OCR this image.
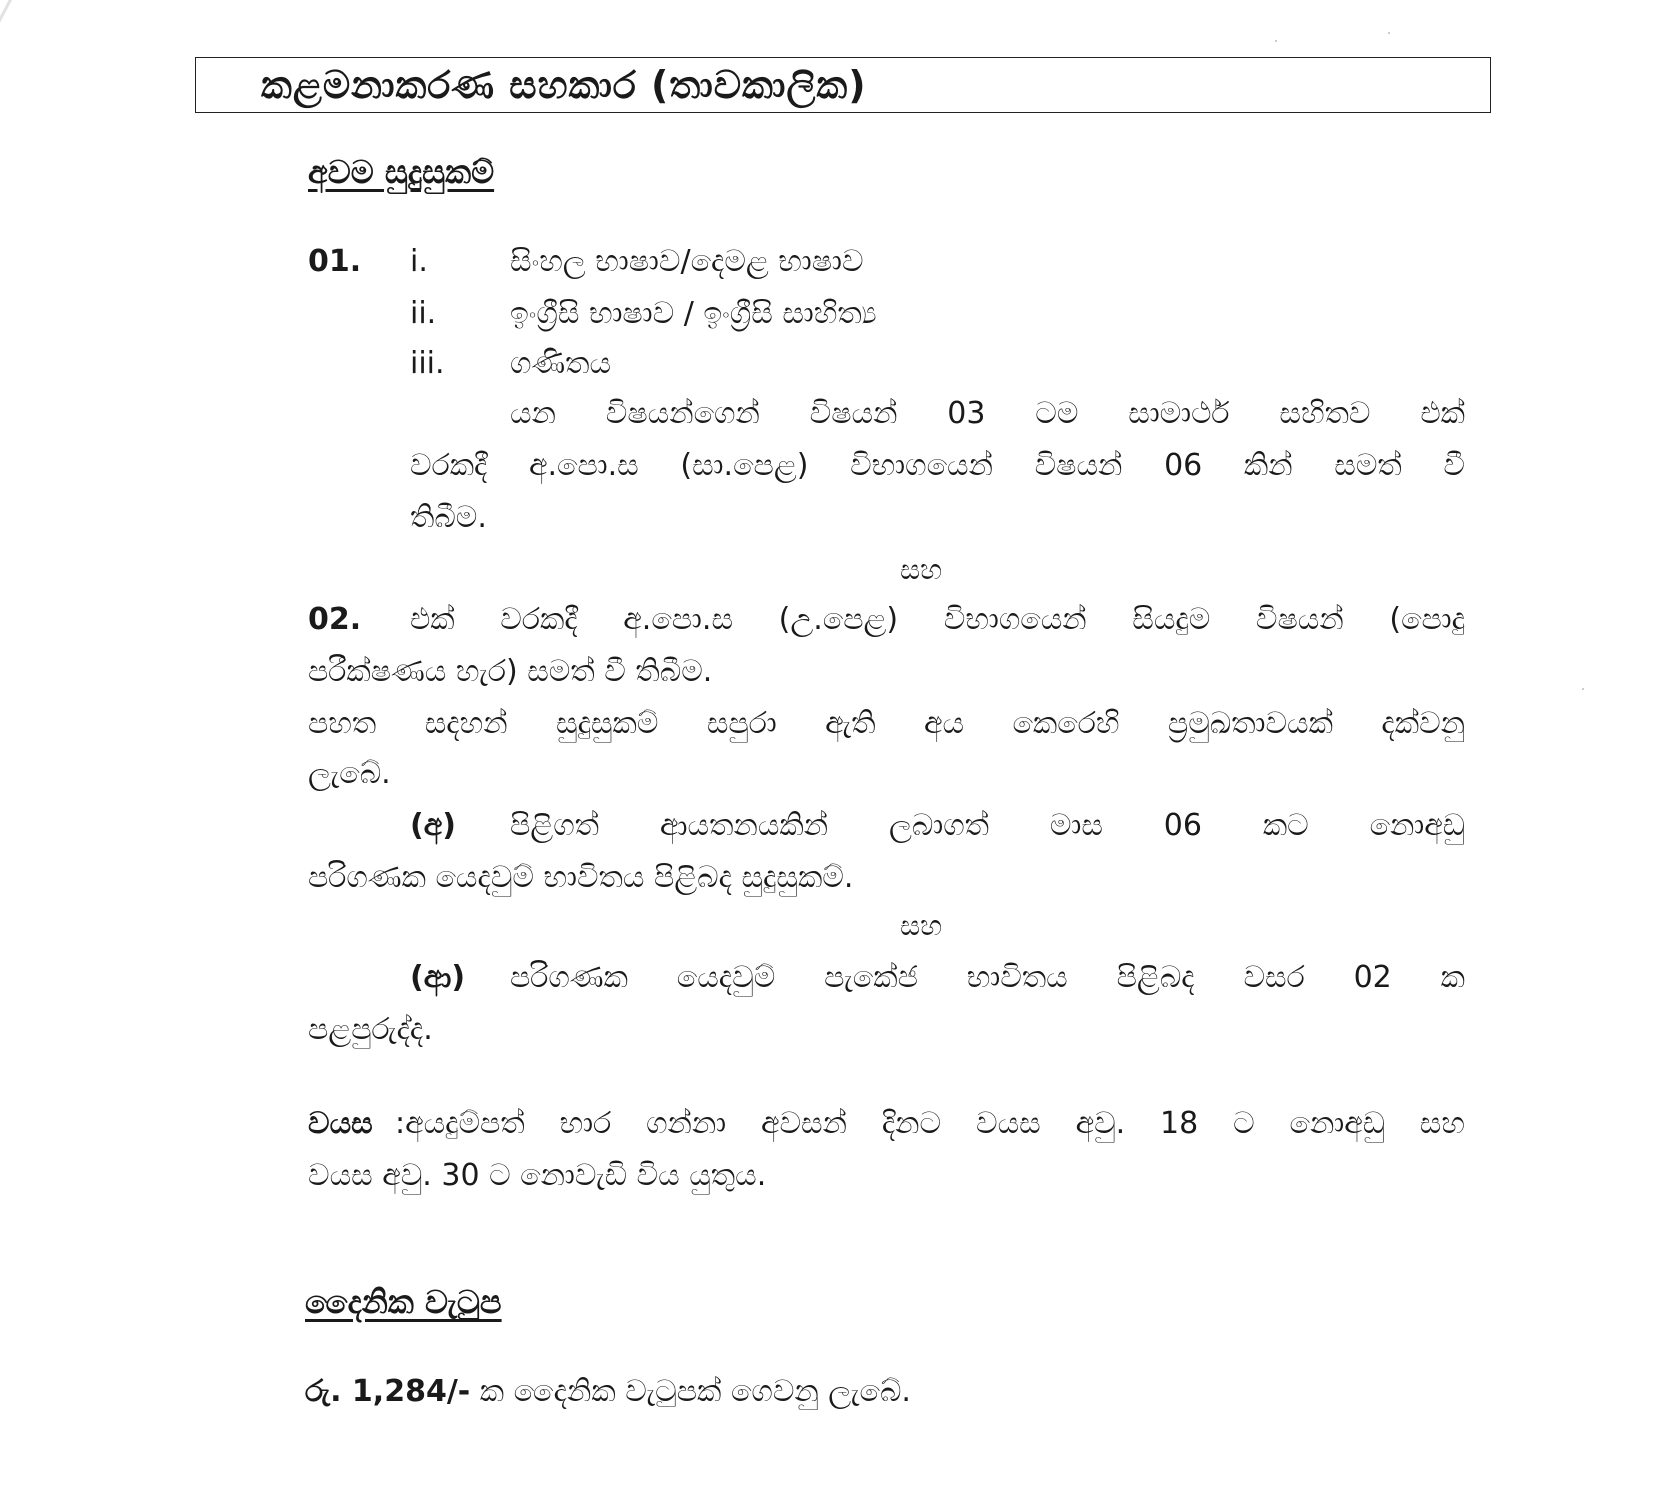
කළමනාකරණ සහකාර (තාවකාලික)
අවම සුදුසුකම්
01. i.	සිංහල භාෂාව/දෙමළ භාෂාව
ii. ඉංග්‍රීසි භාෂාව / ඉංග්‍රීසි සාහිත්‍ය
iii. ගණිතය
යන විෂයන්ගෙන් විෂයන් 03 ටම සාමාර්ථ සහිතව එක්
වරකදී අ.පො.ස (සා.පෙළ) විභාගයෙන් විෂයන් 06 කින් සමත් වී
තිබීම.
සහ
02. එක් වරකදී අ.පො.ස (උ.පෙළ) විභාගයෙන් සියදුම විෂයන් (පොදු
පරීක්ෂණය හැර) සමත් වී තිබීම.
පහත සදහන් සුදුසුකම් සපුරා ඇති අය කෙරෙහි ප්‍රමුඛතාවයක් දක්වනු
ලැබේ.
(අ) පිළිගත් ආයතනයකින් ලබාගත් මාස 06 කට නොඅඩු
පරිගණක යෙදවුම් භාවිතය පිළිබද සුදුසුකම්.
සහ
(ආ) පරිගණක යෙදවුම් පැකේජ භාවිතය පිළිබද වසර 02 ක
පළපුරුද්ද.
වයස :අයදුම්පත් භාර ගන්නා අවසන් දිනට වයස අවු. 18 ට නොඅඩු සහ
වයස අවු. 30 ට නොවැඩි විය යුතුය.
දෛනික වැටුප
රු. 1,284/- ක දෛනික වැටුපක් ගෙවනු ලැබේ.
